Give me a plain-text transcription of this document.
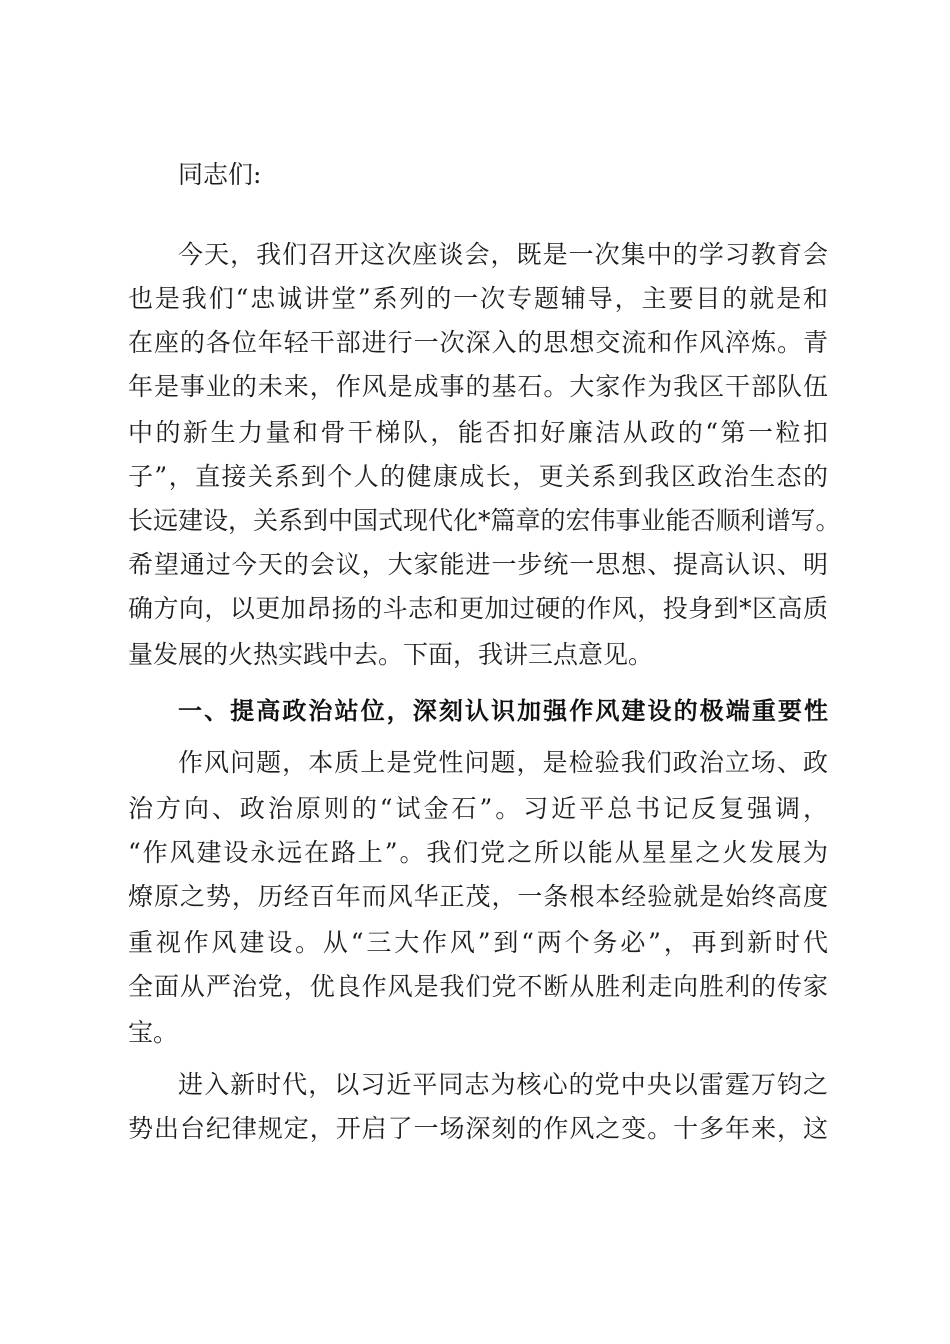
同志们:

今天，我们召开这次座谈会，既是一次集中的学习教育会

也是我们“忠诚讲堂”系列的一次专题辅导，主要目的就是和

在座的各位年轻干部进行一次深入的思想交流和作风淬炼。青

年是事业的未来，作风是成事的基石。大家作为我区干部队伍

中的新生力量和骨干梯队，能否扣好廉洁从政的“第一粒扣

子”，直接关系到个人的健康成长，更关系到我区政治生态的

长远建设，关系到中国式现代化*篇章的宏伟事业能否顺利谱写。

希望通过今天的会议，大家能进一步统一思想、提高认识、明

确方向，以更加昂扬的斗志和更加过硬的作风，投身到*区高质

量发展的火热实践中去。下面，我讲三点意见。

一、提高政治站位，深刻认识加强作风建设的极端重要性

作风问题，本质上是党性问题，是检验我们政治立场、政

治方向、政治原则的“试金石”。习近平总书记反复强调，

“作风建设永远在路上”。我们党之所以能从星星之火发展为

燎原之势，历经百年而风华正茂，一条根本经验就是始终高度

重视作风建设。从“三大作风”到“两个务必”，再到新时代

全面从严治党，优良作风是我们党不断从胜利走向胜利的传家

宝。

进入新时代，以习近平同志为核心的党中央以雷霆万钧之

势出台纪律规定，开启了一场深刻的作风之变。十多年来，这
